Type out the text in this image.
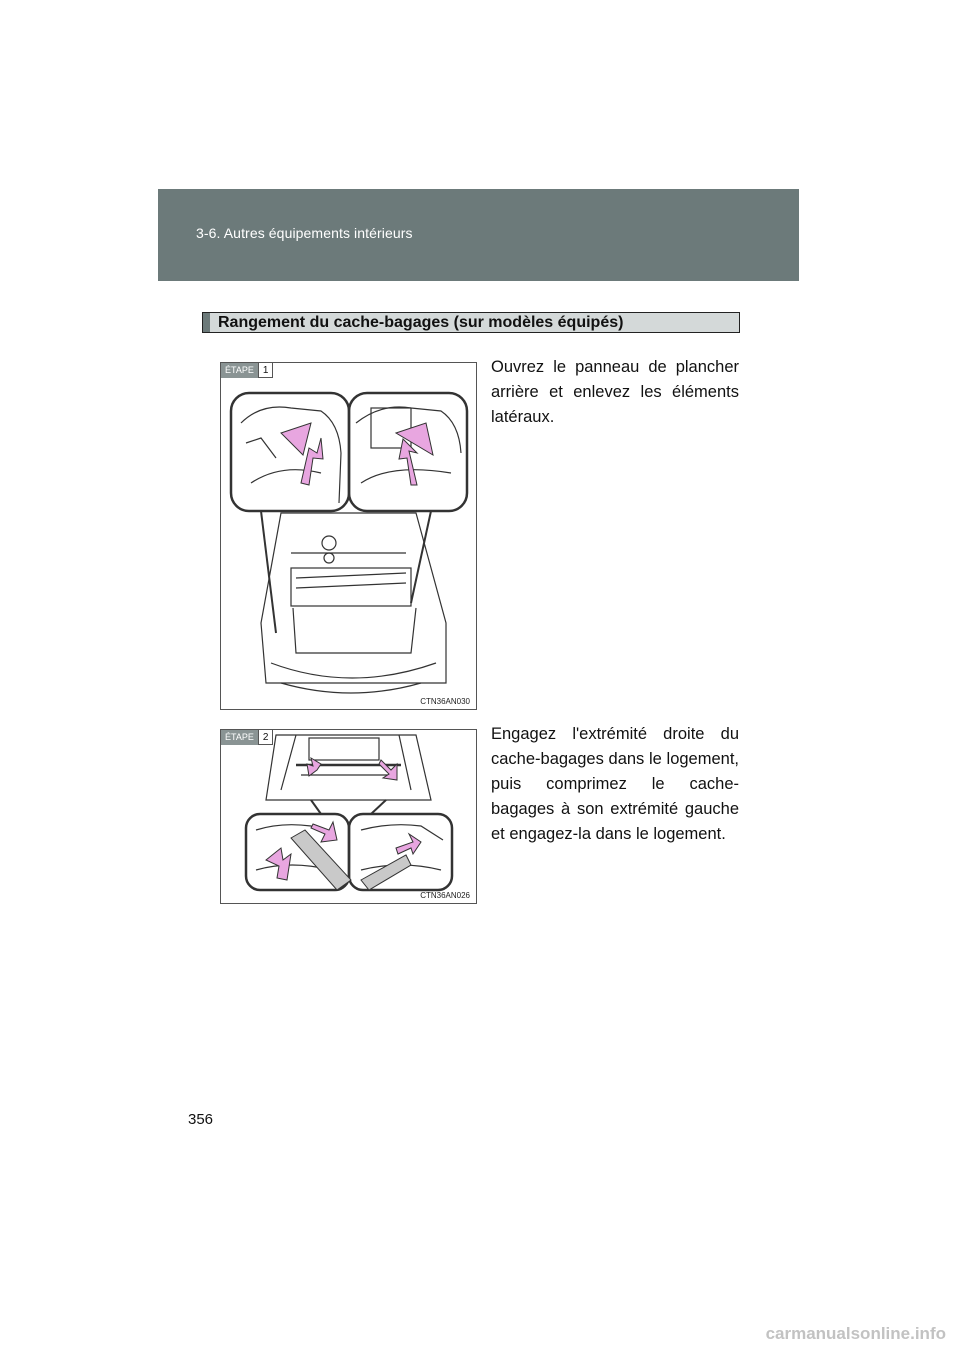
3-6. Autres équipements intérieurs
Rangement du cache-bagages (sur modèles équipés)
ÉTAPE 1
CTN36AN030
Ouvrez le panneau de plancher arrière et enlevez les éléments latéraux.
ÉTAPE 2
CTN36AN026
Engagez l'extrémité droite du cache-bagages dans le logement, puis comprimez le cache-bagages à son extrémité gauche et engagez-la dans le logement.
356
carmanualsonline.info
